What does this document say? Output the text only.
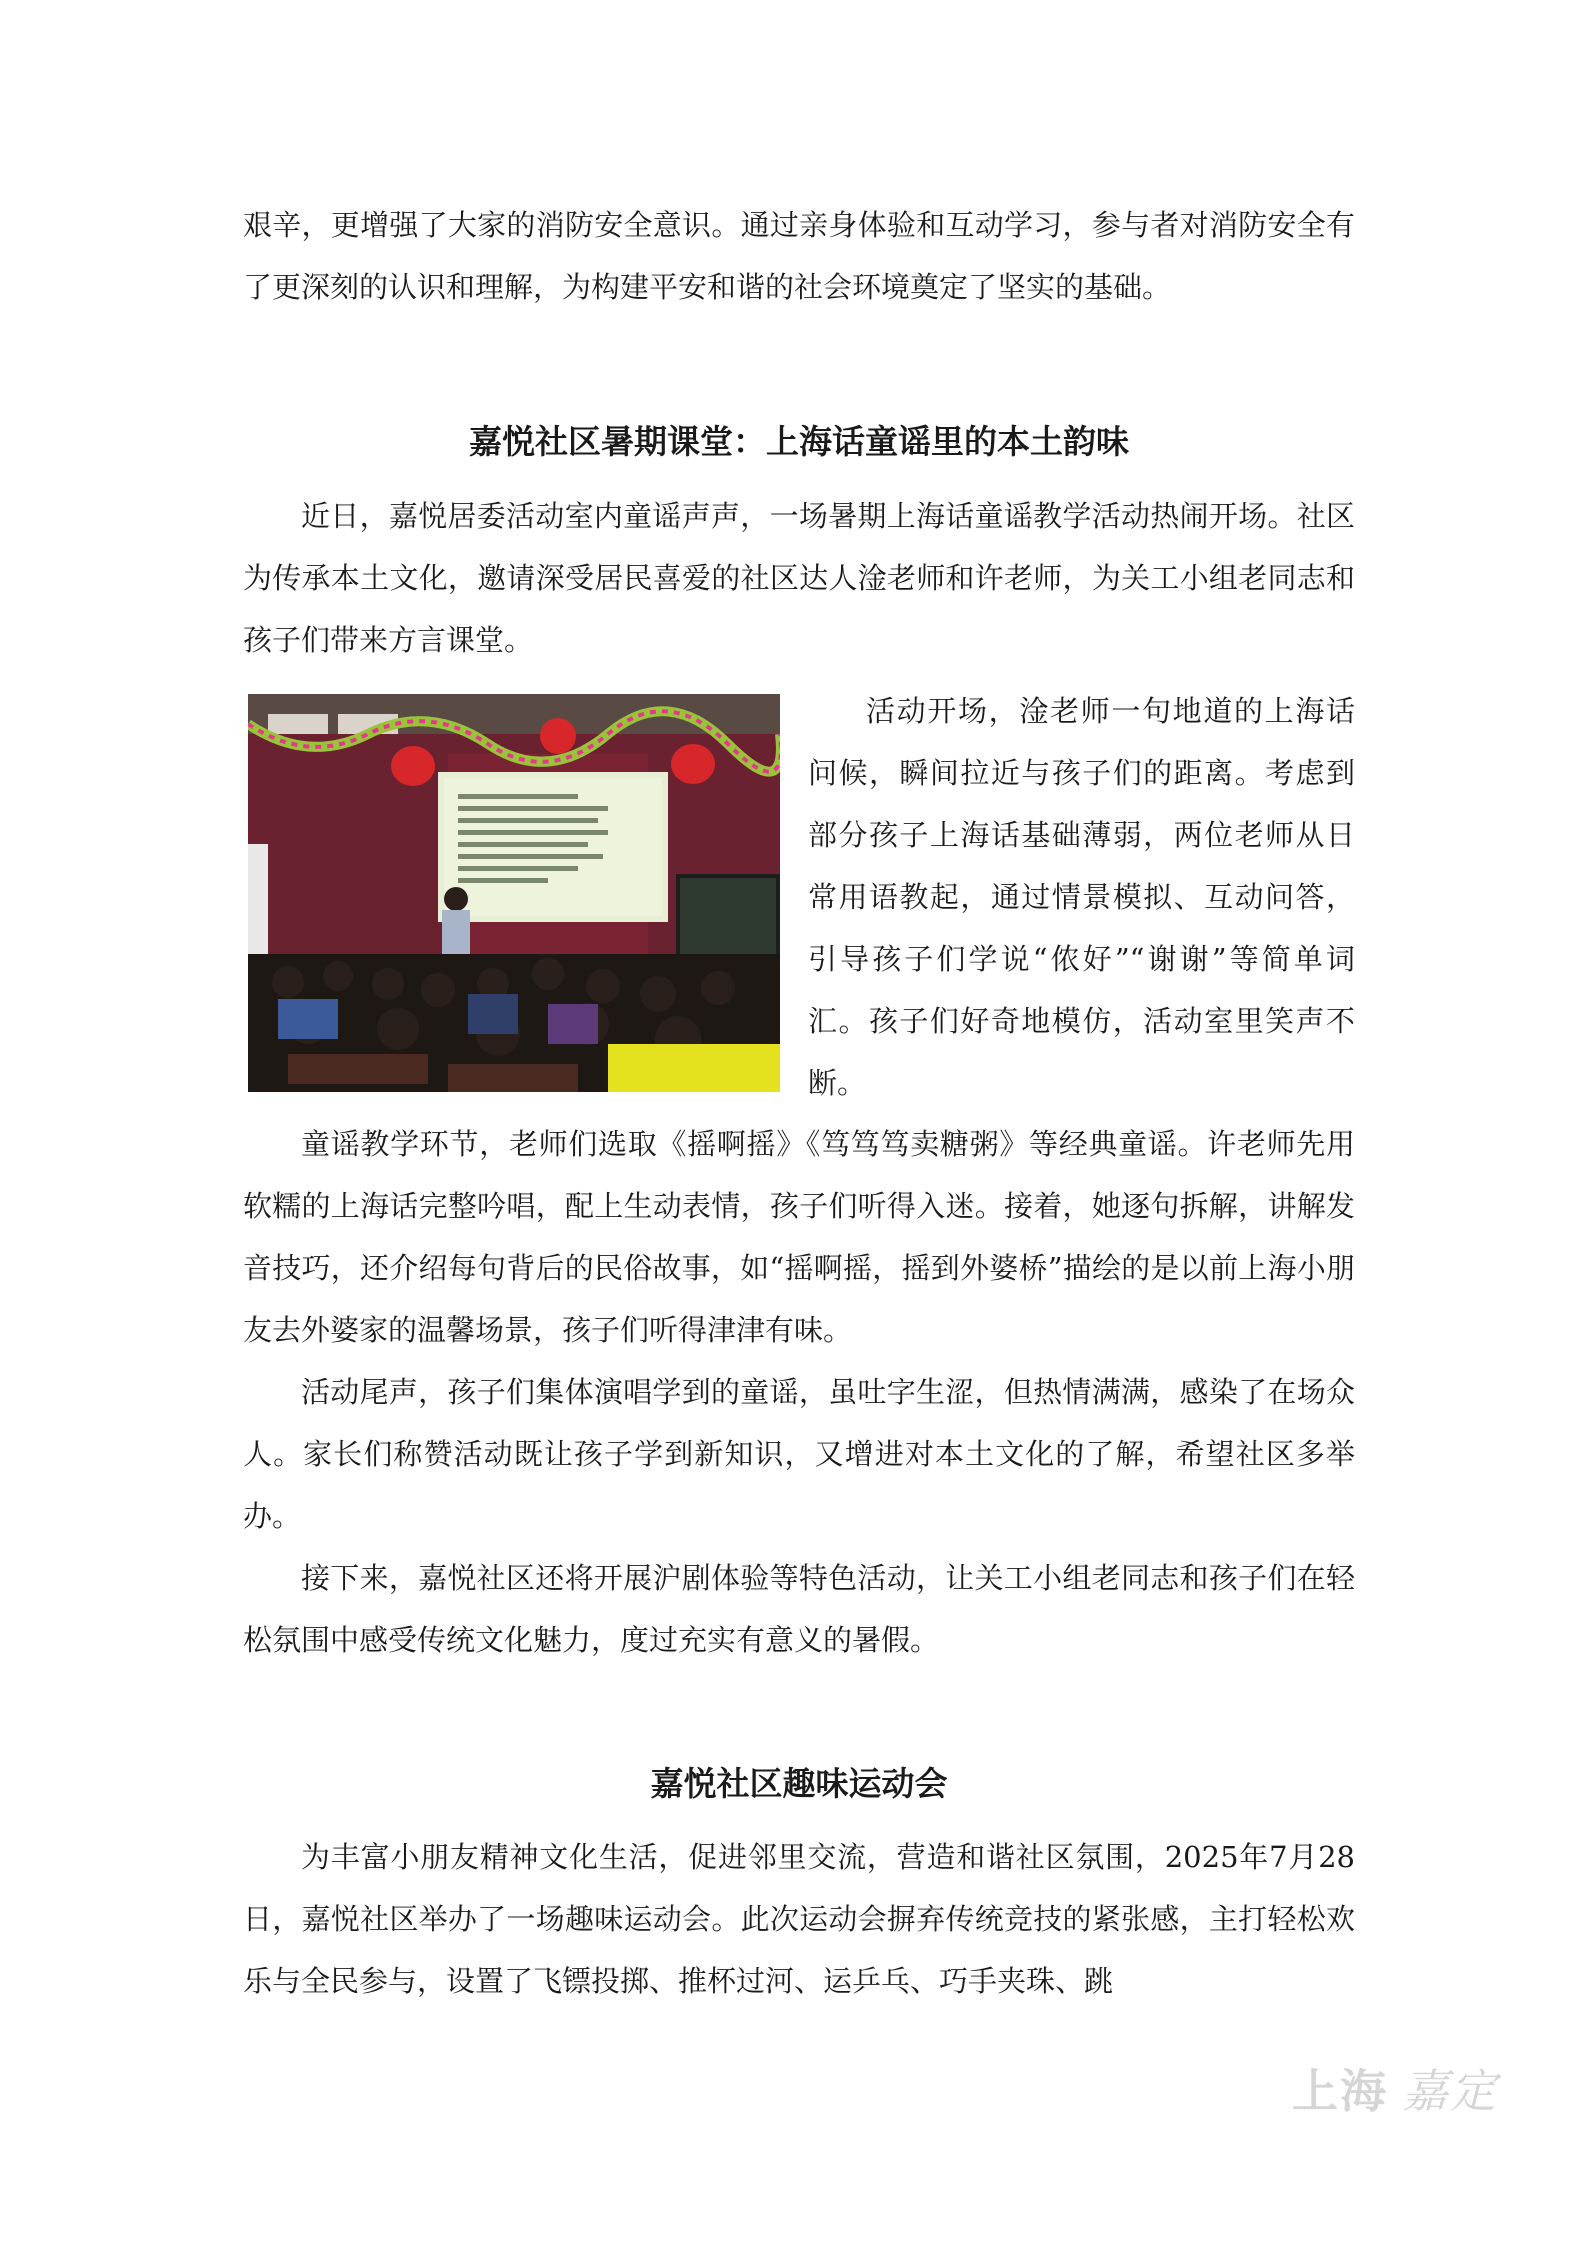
艰辛，更增强了大家的消防安全意识。通过亲身体验和互动学习，参与者对消防安全有了更深刻的认识和理解，为构建平安和谐的社会环境奠定了坚实的基础。

嘉悦社区暑期课堂：上海话童谣里的本土韵味

近日，嘉悦居委活动室内童谣声声，一场暑期上海话童谣教学活动热闹开场。社区为传承本土文化，邀请深受居民喜爱的社区达人淦老师和许老师，为关工小组老同志和孩子们带来方言课堂。

活动开场，淦老师一句地道的上海话问候，瞬间拉近与孩子们的距离。考虑到部分孩子上海话基础薄弱，两位老师从日常用语教起，通过情景模拟、互动问答，引导孩子们学说“侬好”“谢谢”等简单词汇。孩子们好奇地模仿，活动室里笑声不断。

童谣教学环节，老师们选取《摇啊摇》《笃笃笃卖糖粥》等经典童谣。许老师先用软糯的上海话完整吟唱，配上生动表情，孩子们听得入迷。接着，她逐句拆解，讲解发音技巧，还介绍每句背后的民俗故事，如“摇啊摇，摇到外婆桥”描绘的是以前上海小朋友去外婆家的温馨场景，孩子们听得津津有味。

活动尾声，孩子们集体演唱学到的童谣，虽吐字生涩，但热情满满，感染了在场众人。家长们称赞活动既让孩子学到新知识，又增进对本土文化的了解，希望社区多举办。

接下来，嘉悦社区还将开展沪剧体验等特色活动，让关工小组老同志和孩子们在轻松氛围中感受传统文化魅力，度过充实有意义的暑假。

嘉悦社区趣味运动会

为丰富小朋友精神文化生活，促进邻里交流，营造和谐社区氛围，2025年7月28日，嘉悦社区举办了一场趣味运动会。此次运动会摒弃传统竞技的紧张感，主打轻松欢乐与全民参与，设置了飞镖投掷、推杯过河、运乒乓、巧手夹珠、跳

上海 嘉定
